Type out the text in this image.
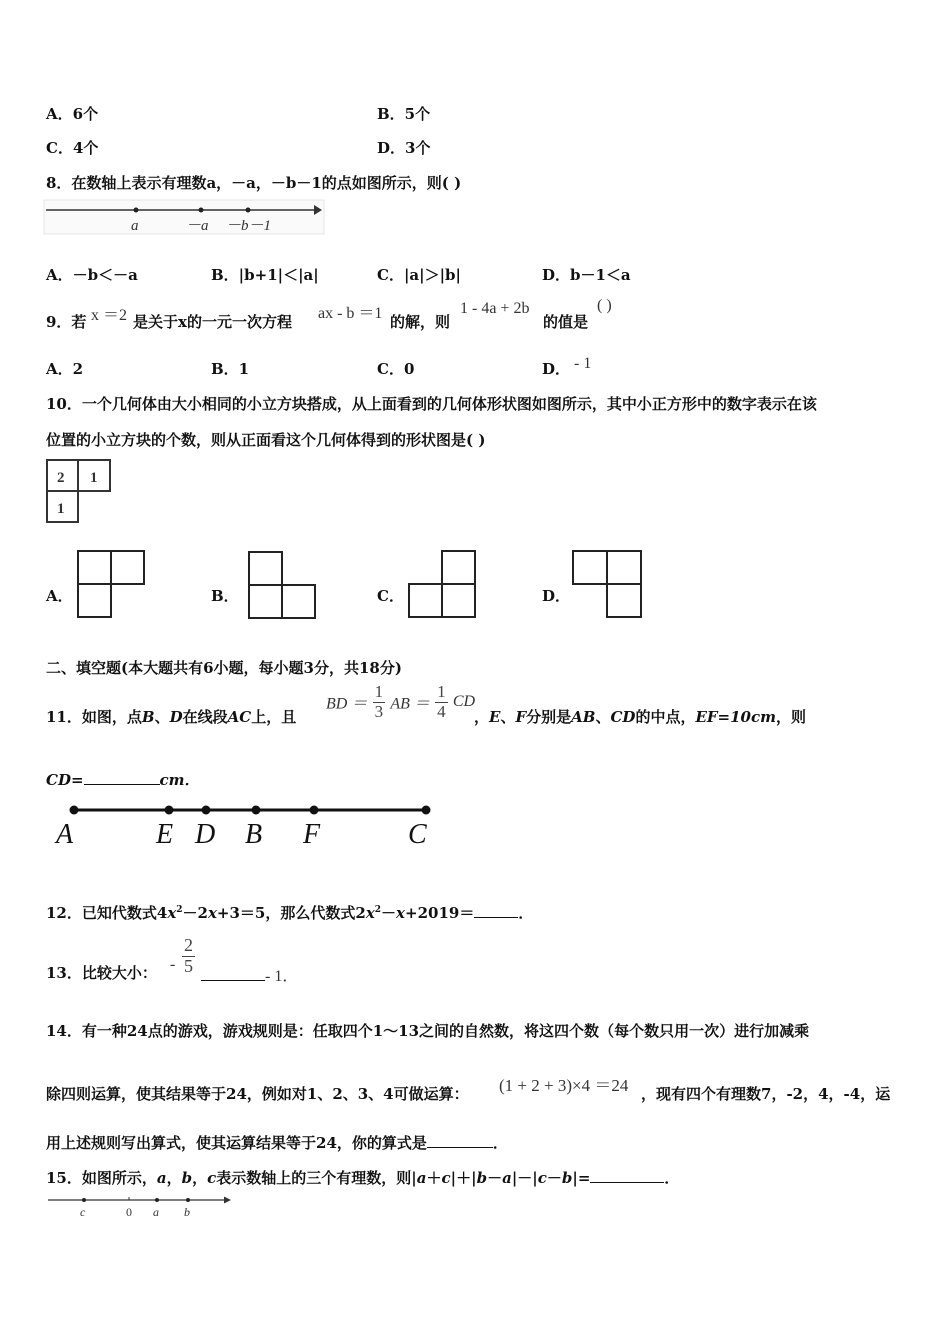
A．6个	B．5个
C．4个	D．3个
8．在数轴上表示有理数a，－a，－b－1的点如图所示，则( )
a	－a －b－1
A．－b＜－a	B．|b+1|＜|a|	C．|a|＞|b|	D．b－1＜a
9．若 x ＝2 是关于x的一元一次方程 ax - b ＝1 的解，则
1 - 4a + 2b
的值是
( )
A．2	B．1	C．0	D． - 1
10．一个几何体由大小相同的小立方块搭成，从上面看到的几何体形状图如图所示，其中小正方形中的数字表示在该
位置的小立方块的个数，则从正面看这个几何体得到的形状图是( )
2 1
1
A．	B．	C．	D．
二、填空题(本大题共有6小题，每小题3分，共18分)
11．如图，点B、D在线段AC上，且
BD ＝ $\frac{1}{3}$ AB ＝ $\frac{1}{4}$ CD
，E、F分别是AB、CD的中点，EF=10cm，则
CD=	cm．
A	E D B F	C
12．已知代数式$4x^2-2x+3=5$，那么代数式$2x^2-x+2019=$	．
13．比较大小： - $\frac{2}{5}$	- 1．
14．有一种24点的游戏，游戏规则是：任取四个1～13之间的自然数，将这四个数（每个数只用一次）进行加减乘
除四则运算，使其结果等于24，例如对1、2、3、4可做运算： (1 + 2 + 3)×4 ＝24 ，现有四个有理数7，-2，4，-4，运
用上述规则写出算式，使其运算结果等于24，你的算式是	．
15．如图所示，a，b，c表示数轴上的三个有理数，则|a＋c|＋|b－a|－|c－b|=	．
c	0 a b
